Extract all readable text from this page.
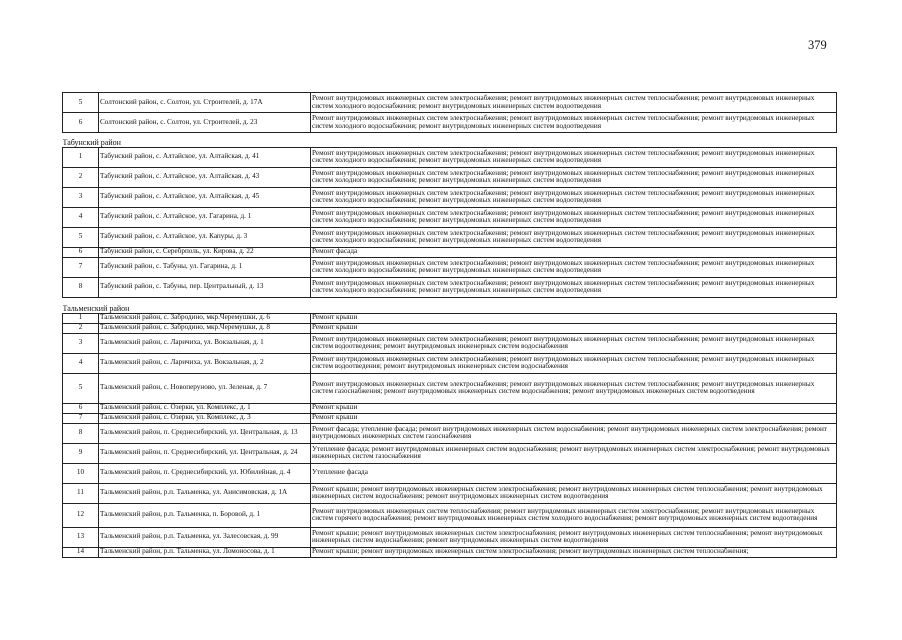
379
5	Солтонский район, с. Солтон, ул. Строителей, д. 17А	Ремонт внутридомовых инженерных систем электроснабжения; ремонт внутридомовых инженерных систем теплоснабжения; ремонт внутридомовых инженерных систем холодного водоснабжения; ремонт внутридомовых инженерных систем водоотведения
6	Солтонский район, с. Солтон, ул. Строителей, д. 23	Ремонт внутридомовых инженерных систем электроснабжения; ремонт внутридомовых инженерных систем теплоснабжения; ремонт внутридомовых инженерных систем холодного водоснабжения; ремонт внутридомовых инженерных систем водоотведения
Табунский район		
1	Табунский район, с. Алтайское, ул. Алтайская, д. 41	Ремонт внутридомовых инженерных систем электроснабжения; ремонт внутридомовых инженерных систем теплоснабжения; ремонт внутридомовых инженерных систем холодного водоснабжения; ремонт внутридомовых инженерных систем водоотведения
2	Табунский район, с. Алтайское, ул. Алтайская, д. 43	Ремонт внутридомовых инженерных систем электроснабжения; ремонт внутридомовых инженерных систем теплоснабжения; ремонт внутридомовых инженерных систем холодного водоснабжения; ремонт внутридомовых инженерных систем водоотведения
3	Табунский район, с. Алтайское, ул. Алтайская, д. 45	Ремонт внутридомовых инженерных систем электроснабжения; ремонт внутридомовых инженерных систем теплоснабжения; ремонт внутридомовых инженерных систем холодного водоснабжения; ремонт внутридомовых инженерных систем водоотведения
4	Табунский район, с. Алтайское, ул. Гагарина, д. 1	Ремонт внутридомовых инженерных систем электроснабжения; ремонт внутридомовых инженерных систем теплоснабжения; ремонт внутридомовых инженерных систем холодного водоснабжения; ремонт внутридомовых инженерных систем водоотведения
5	Табунский район, с. Алтайское, ул. Капуры, д. 3	Ремонт внутридомовых инженерных систем электроснабжения; ремонт внутридомовых инженерных систем теплоснабжения; ремонт внутридомовых инженерных систем холодного водоснабжения; ремонт внутридомовых инженерных систем водоотведения
6	Табунский район, с. Серебрполь, ул. Кирова, д. 22	Ремонт фасада
7	Табунский район, с. Табуны, ул. Гагарина, д. 1	Ремонт внутридомовых инженерных систем электроснабжения; ремонт внутридомовых инженерных систем теплоснабжения; ремонт внутридомовых инженерных систем холодного водоснабжения; ремонт внутридомовых инженерных систем водоотведения
8	Табунский район, с. Табуны, пер. Центральный, д. 13	Ремонт внутридомовых инженерных систем электроснабжения; ремонт внутридомовых инженерных систем теплоснабжения; ремонт внутридомовых инженерных систем холодного водоснабжения; ремонт внутридомовых инженерных систем водоотведения
Тальменский район		
1	Тальменский район, с. Забродино, мкр.Черемушки, д. 6	Ремонт крыши
2	Тальменский район, с. Забродино, мкр.Черемушки, д. 8	Ремонт крыши
3	Тальменский район, с. Ларичиха, ул. Вокзальная, д. 1	Ремонт внутридомовых инженерных систем электроснабжения; ремонт внутридомовых инженерных систем теплоснабжения; ремонт внутридомовых инженерных систем водоотведения; ремонт внутридомовых инженерных систем водоснабжения
4	Тальменский район, с. Ларичиха, ул. Вокзальная, д. 2	Ремонт внутридомовых инженерных систем электроснабжения; ремонт внутридомовых инженерных систем теплоснабжения; ремонт внутридомовых инженерных систем водоотведения; ремонт внутридомовых инженерных систем водоснабжения
5	Тальменский район, с. Новоперуново, ул. Зеленая, д. 7	Ремонт внутридомовых инженерных систем электроснабжения; ремонт внутридомовых инженерных систем теплоснабжения; ремонт внутридомовых инженерных систем газоснабжения; ремонт внутридомовых инженерных систем водоснабжения; ремонт внутридомовых инженерных систем водоотведения
6	Тальменский район, с. Озерки, ул. Комплекс, д. 1	Ремонт крыши
7	Тальменский район, с. Озерки, ул. Комплекс, д. 3	Ремонт крыши
8	Тальменский район, п. Среднесибирский, ул. Центральная, д. 13	Ремонт фасада; утепление фасада; ремонт внутридомовых инженерных систем водоснабжения; ремонт внутридомовых инженерных систем электроснабжения; ремонт внутридомовых инженерных систем газоснабжения
9	Тальменский район, п. Среднесибирский, ул. Центральная, д. 24	Утепление фасада; ремонт внутридомовых инженерных систем водоснабжения; ремонт внутридомовых инженерных систем электроснабжения; ремонт внутридомовых инженерных систем газоснабжения
10	Тальменский район, п. Среднесибирский, ул. Юбилейная, д. 4	Утепление фасада
11	Тальменский район, р.п. Тальменка, ул. Анисимовская, д. 1А	Ремонт крыши; ремонт внутридомовых инженерных систем электроснабжения; ремонт внутридомовых инженерных систем теплоснабжения; ремонт внутридомовых инженерных систем водоснабжения; ремонт внутридомовых инженерных систем водоотведения
12	Тальменский район, р.п. Тальменка, п. Боровой, д. 1	Ремонт внутридомовых инженерных систем теплоснабжения; ремонт внутридомовых инженерных систем электроснабжения; ремонт внутридомовых инженерных систем горячего водоснабжения; ремонт внутридомовых инженерных систем холодного водоснабжения; ремонт внутридомовых инженерных систем водоотведения
13	Тальменский район, р.п. Тальменка, ул. Залесовская, д. 99	Ремонт крыши; ремонт внутридомовых инженерных систем электроснабжения; ремонт внутридомовых инженерных систем теплоснабжения; ремонт внутридомовых инженерных систем водоснабжения; ремонт внутридомовых инженерных систем водоотведения
14	Тальменский район, р.п. Тальменка, ул. Ломоносова, д. 1	Ремонт крыши; ремонт внутридомовых инженерных систем электроснабжения; ремонт внутридомовых инженерных систем теплоснабжения;
